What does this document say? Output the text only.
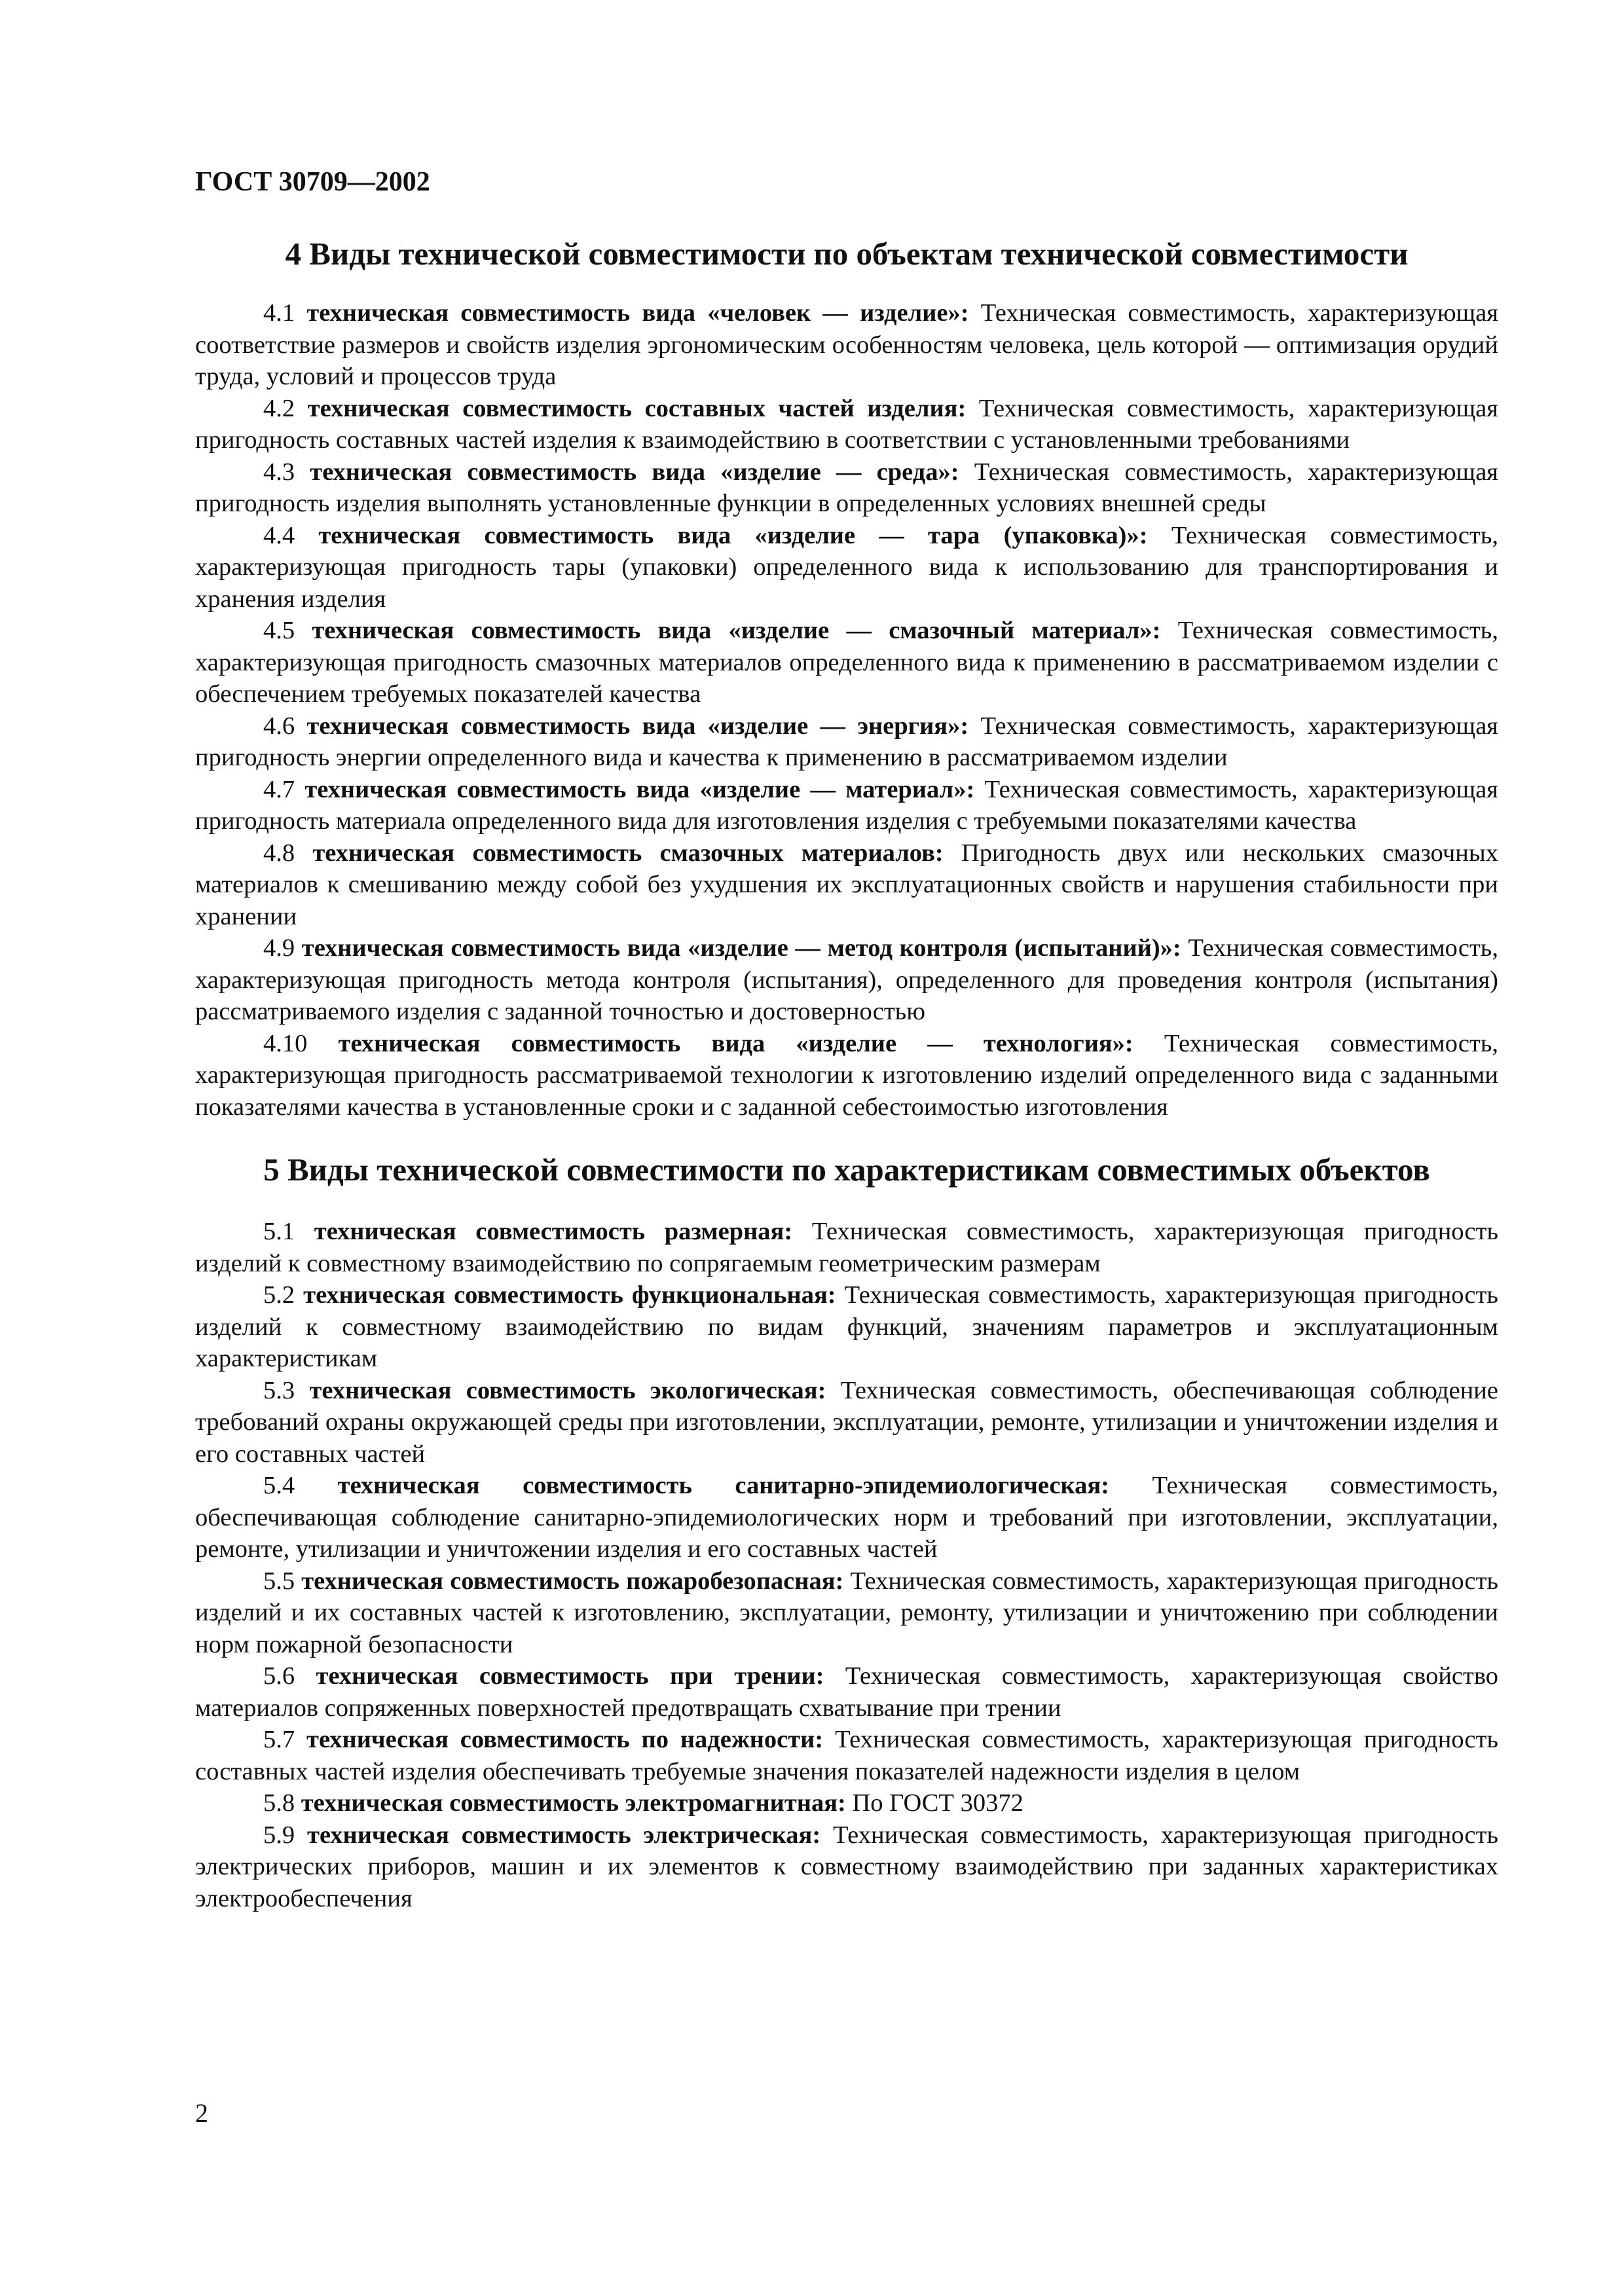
ГОСТ 30709—2002
4 Виды технической совместимости по объектам технической совместимости

4.1 техническая совместимость вида «человек — изделие»: Техническая совместимость, характеризующая соответствие размеров и свойств изделия эргономическим особенностям человека, цель которой — оптимизация орудий труда, условий и процессов труда

4.2 техническая совместимость составных частей изделия: Техническая совместимость, характеризующая пригодность составных частей изделия к взаимодействию в соответствии с установленными требованиями

4.3 техническая совместимость вида «изделие — среда»: Техническая совместимость, характеризующая пригодность изделия выполнять установленные функции в определенных условиях внешней среды

4.4 техническая совместимость вида «изделие — тара (упаковка)»: Техническая совместимость, характеризующая пригодность тары (упаковки) определенного вида к использованию для транспортирования и хранения изделия

4.5 техническая совместимость вида «изделие — смазочный материал»: Техническая совместимость, характеризующая пригодность смазочных материалов определенного вида к применению в рассматриваемом изделии с обеспечением требуемых показателей качества

4.6 техническая совместимость вида «изделие — энергия»: Техническая совместимость, характеризующая пригодность энергии определенного вида и качества к применению в рассматриваемом изделии

4.7 техническая совместимость вида «изделие — материал»: Техническая совместимость, характеризующая пригодность материала определенного вида для изготовления изделия с требуемыми показателями качества

4.8 техническая совместимость смазочных материалов: Пригодность двух или нескольких смазочных материалов к смешиванию между собой без ухудшения их эксплуатационных свойств и нарушения стабильности при хранении

4.9 техническая совместимость вида «изделие — метод контроля (испытаний)»: Техническая совместимость, характеризующая пригодность метода контроля (испытания), определенного для проведения контроля (испытания) рассматриваемого изделия с заданной точностью и достоверностью

4.10 техническая совместимость вида «изделие — технология»: Техническая совместимость, характеризующая пригодность рассматриваемой технологии к изготовлению изделий определенного вида с заданными показателями качества в установленные сроки и с заданной себестоимостью изготовления

5 Виды технической совместимости по характеристикам совместимых объектов

5.1 техническая совместимость размерная: Техническая совместимость, характеризующая пригодность изделий к совместному взаимодействию по сопрягаемым геометрическим размерам

5.2 техническая совместимость функциональная: Техническая совместимость, характеризующая пригодность изделий к совместному взаимодействию по видам функций, значениям параметров и эксплуатационным характеристикам

5.3 техническая совместимость экологическая: Техническая совместимость, обеспечивающая соблюдение требований охраны окружающей среды при изготовлении, эксплуатации, ремонте, утилизации и уничтожении изделия и его составных частей

5.4 техническая совместимость санитарно-эпидемиологическая: Техническая совместимость, обеспечивающая соблюдение санитарно-эпидемиологических норм и требований при изготовлении, эксплуатации, ремонте, утилизации и уничтожении изделия и его составных частей

5.5 техническая совместимость пожаробезопасная: Техническая совместимость, характеризующая пригодность изделий и их составных частей к изготовлению, эксплуатации, ремонту, утилизации и уничтожению при соблюдении норм пожарной безопасности

5.6 техническая совместимость при трении: Техническая совместимость, характеризующая свойство материалов сопряженных поверхностей предотвращать схватывание при трении

5.7 техническая совместимость по надежности: Техническая совместимость, характеризующая пригодность составных частей изделия обеспечивать требуемые значения показателей надежности изделия в целом

5.8 техническая совместимость электромагнитная: По ГОСТ 30372

5.9 техническая совместимость электрическая: Техническая совместимость, характеризующая пригодность электрических приборов, машин и их элементов к совместному взаимодействию при заданных характеристиках электрообеспечения

2
